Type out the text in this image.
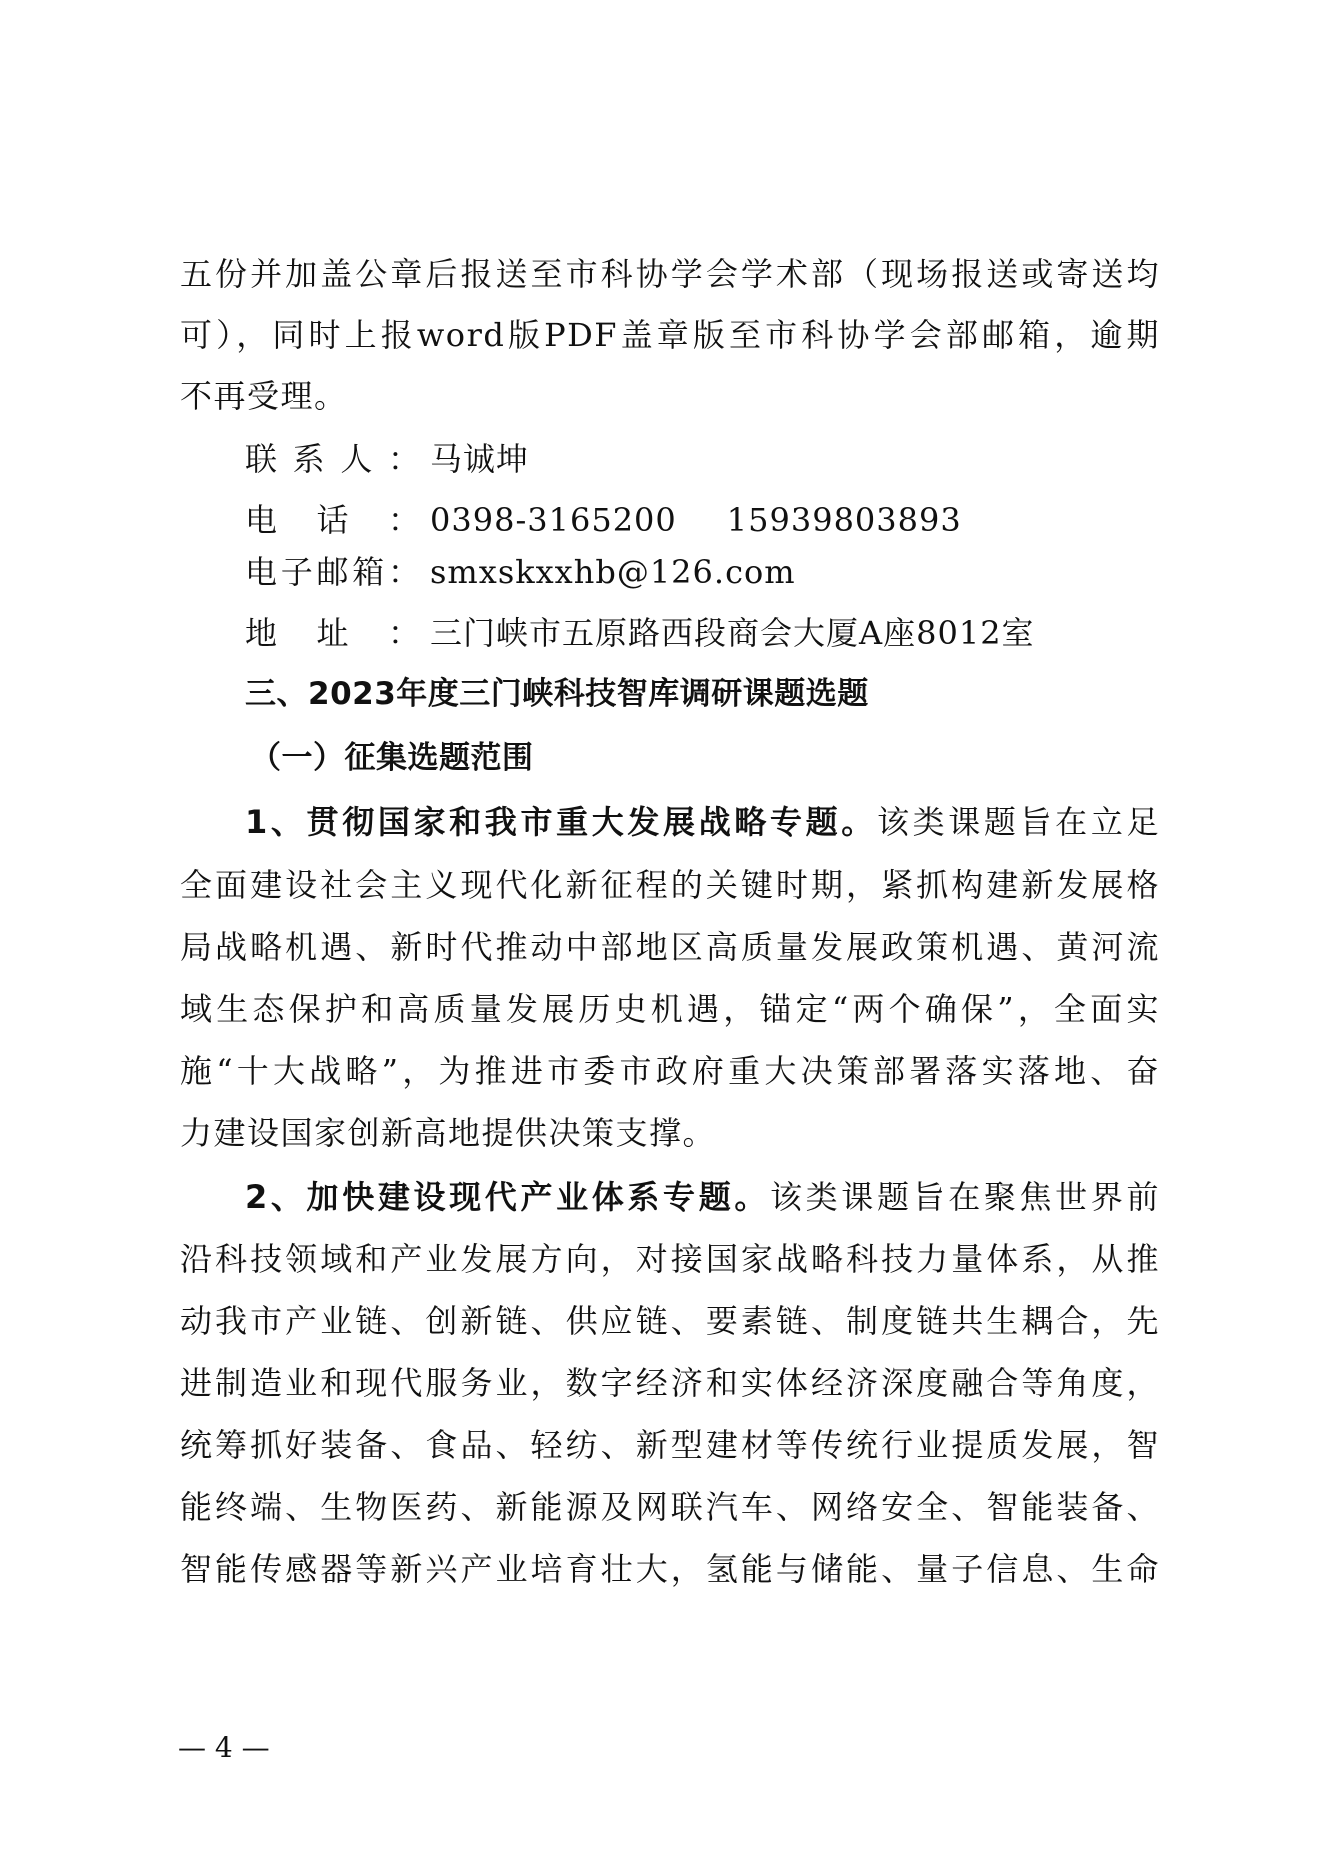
五份并加盖公章后报送至市科协学会学术部（现场报送或寄送均
可），同时上报word版PDF盖章版至市科协学会部邮箱，逾期
不再受理。
联系人： 马诚坤
电话： 0398-3165200 15939803893
电子邮箱： smxskxxhb@126.com
地址： 三门峡市五原路西段商会大厦A座8012室
三、2023年度三门峡科技智库调研课题选题
（一）征集选题范围
1、贯彻国家和我市重大发展战略专题。该类课题旨在立足
全面建设社会主义现代化新征程的关键时期，紧抓构建新发展格
局战略机遇、新时代推动中部地区高质量发展政策机遇、黄河流
域生态保护和高质量发展历史机遇，锚定“两个确保”，全面实
施“十大战略”，为推进市委市政府重大决策部署落实落地、奋
力建设国家创新高地提供决策支撑。
2、加快建设现代产业体系专题。该类课题旨在聚焦世界前
沿科技领域和产业发展方向，对接国家战略科技力量体系，从推
动我市产业链、创新链、供应链、要素链、制度链共生耦合，先
进制造业和现代服务业，数字经济和实体经济深度融合等角度，
统筹抓好装备、食品、轻纺、新型建材等传统行业提质发展，智
能终端、生物医药、新能源及网联汽车、网络安全、智能装备、
智能传感器等新兴产业培育壮大，氢能与储能、量子信息、生命
— 4 —
